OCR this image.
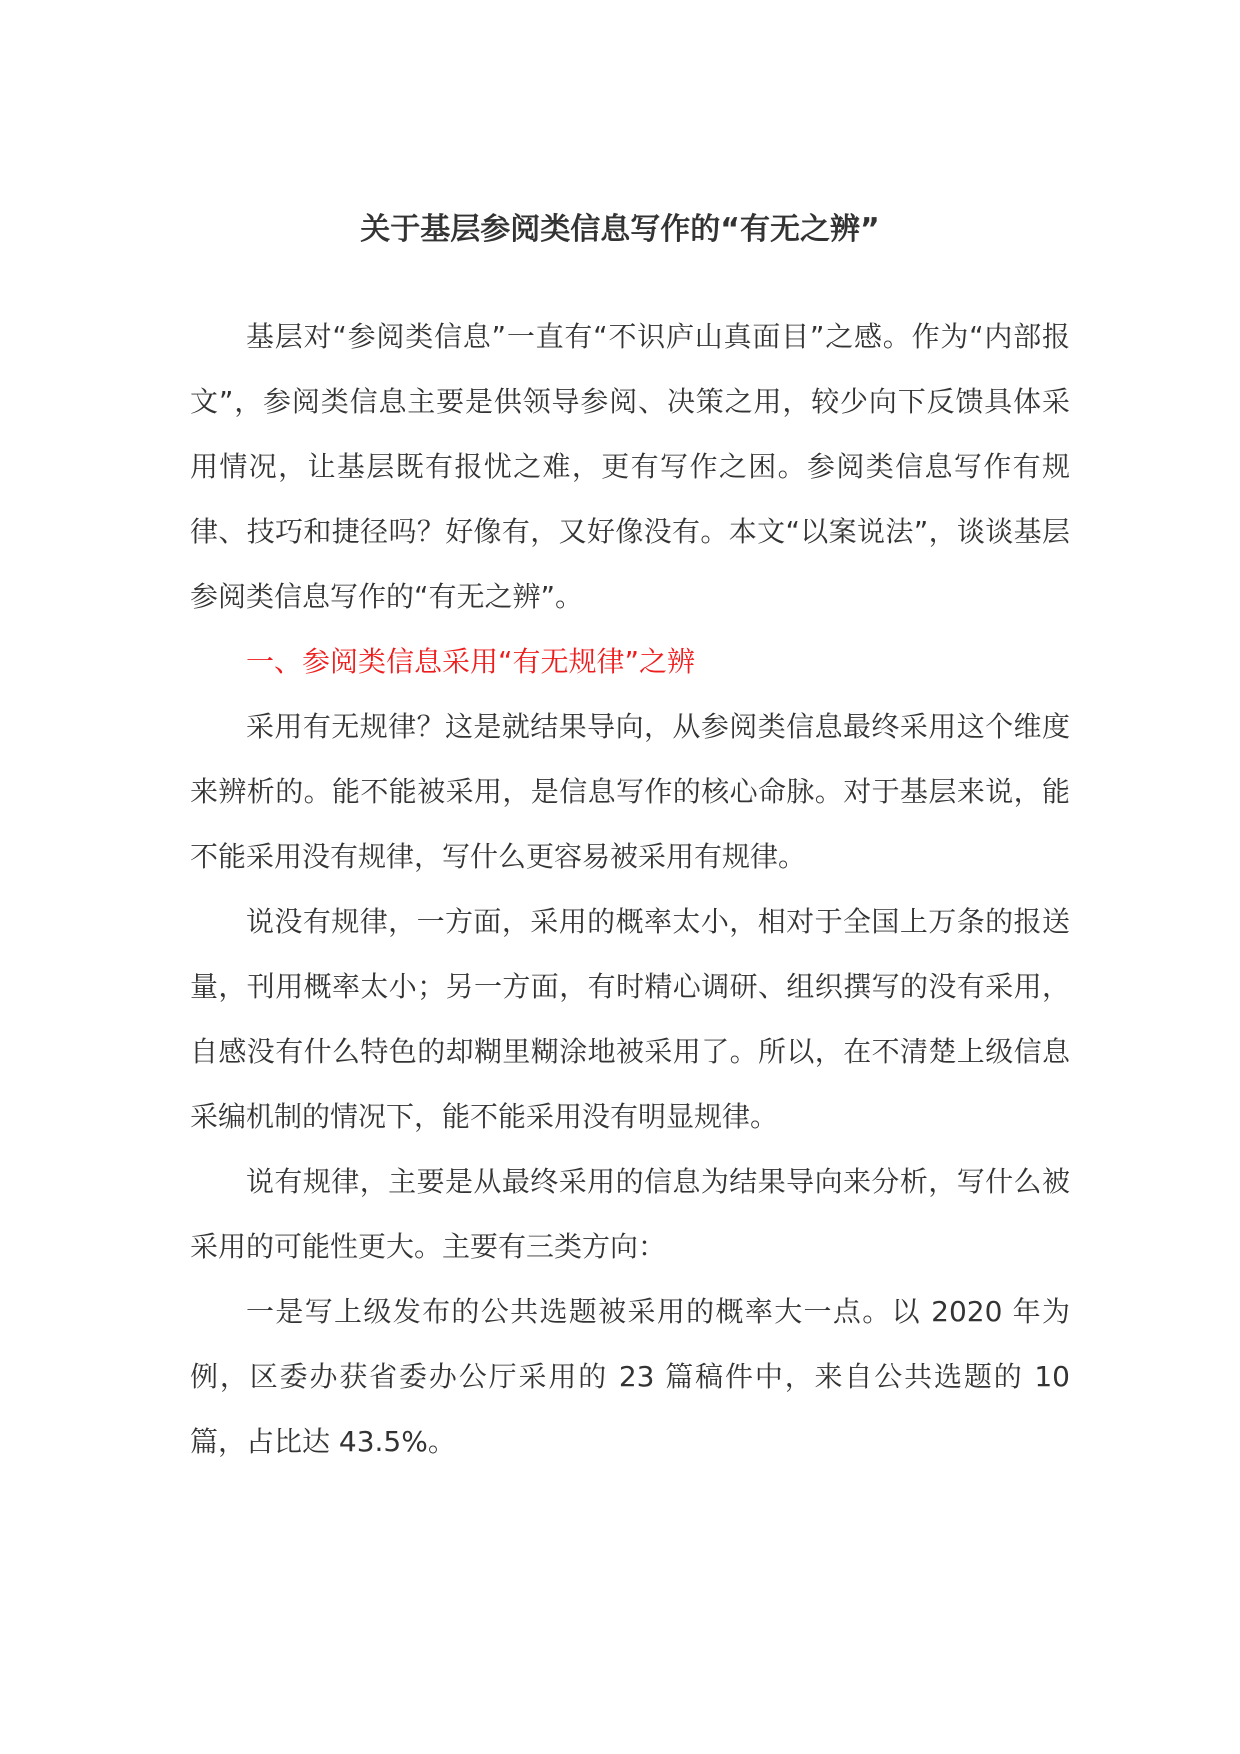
关于基层参阅类信息写作的“有无之辨”

基层对“参阅类信息”一直有“不识庐山真面目”之感。作为“内部报文”，参阅类信息主要是供领导参阅、决策之用，较少向下反馈具体采用情况，让基层既有报忧之难，更有写作之困。参阅类信息写作有规律、技巧和捷径吗？好像有，又好像没有。本文“以案说法”，谈谈基层参阅类信息写作的“有无之辨”。

一、参阅类信息采用“有无规律”之辨

采用有无规律？这是就结果导向，从参阅类信息最终采用这个维度来辨析的。能不能被采用，是信息写作的核心命脉。对于基层来说，能不能采用没有规律，写什么更容易被采用有规律。

说没有规律，一方面，采用的概率太小，相对于全国上万条的报送量，刊用概率太小；另一方面，有时精心调研、组织撰写的没有采用，自感没有什么特色的却糊里糊涂地被采用了。所以，在不清楚上级信息采编机制的情况下，能不能采用没有明显规律。

说有规律，主要是从最终采用的信息为结果导向来分析，写什么被采用的可能性更大。主要有三类方向：

一是写上级发布的公共选题被采用的概率大一点。以 2020 年为例，区委办获省委办公厅采用的 23 篇稿件中，来自公共选题的 10 篇，占比达 43.5%。
